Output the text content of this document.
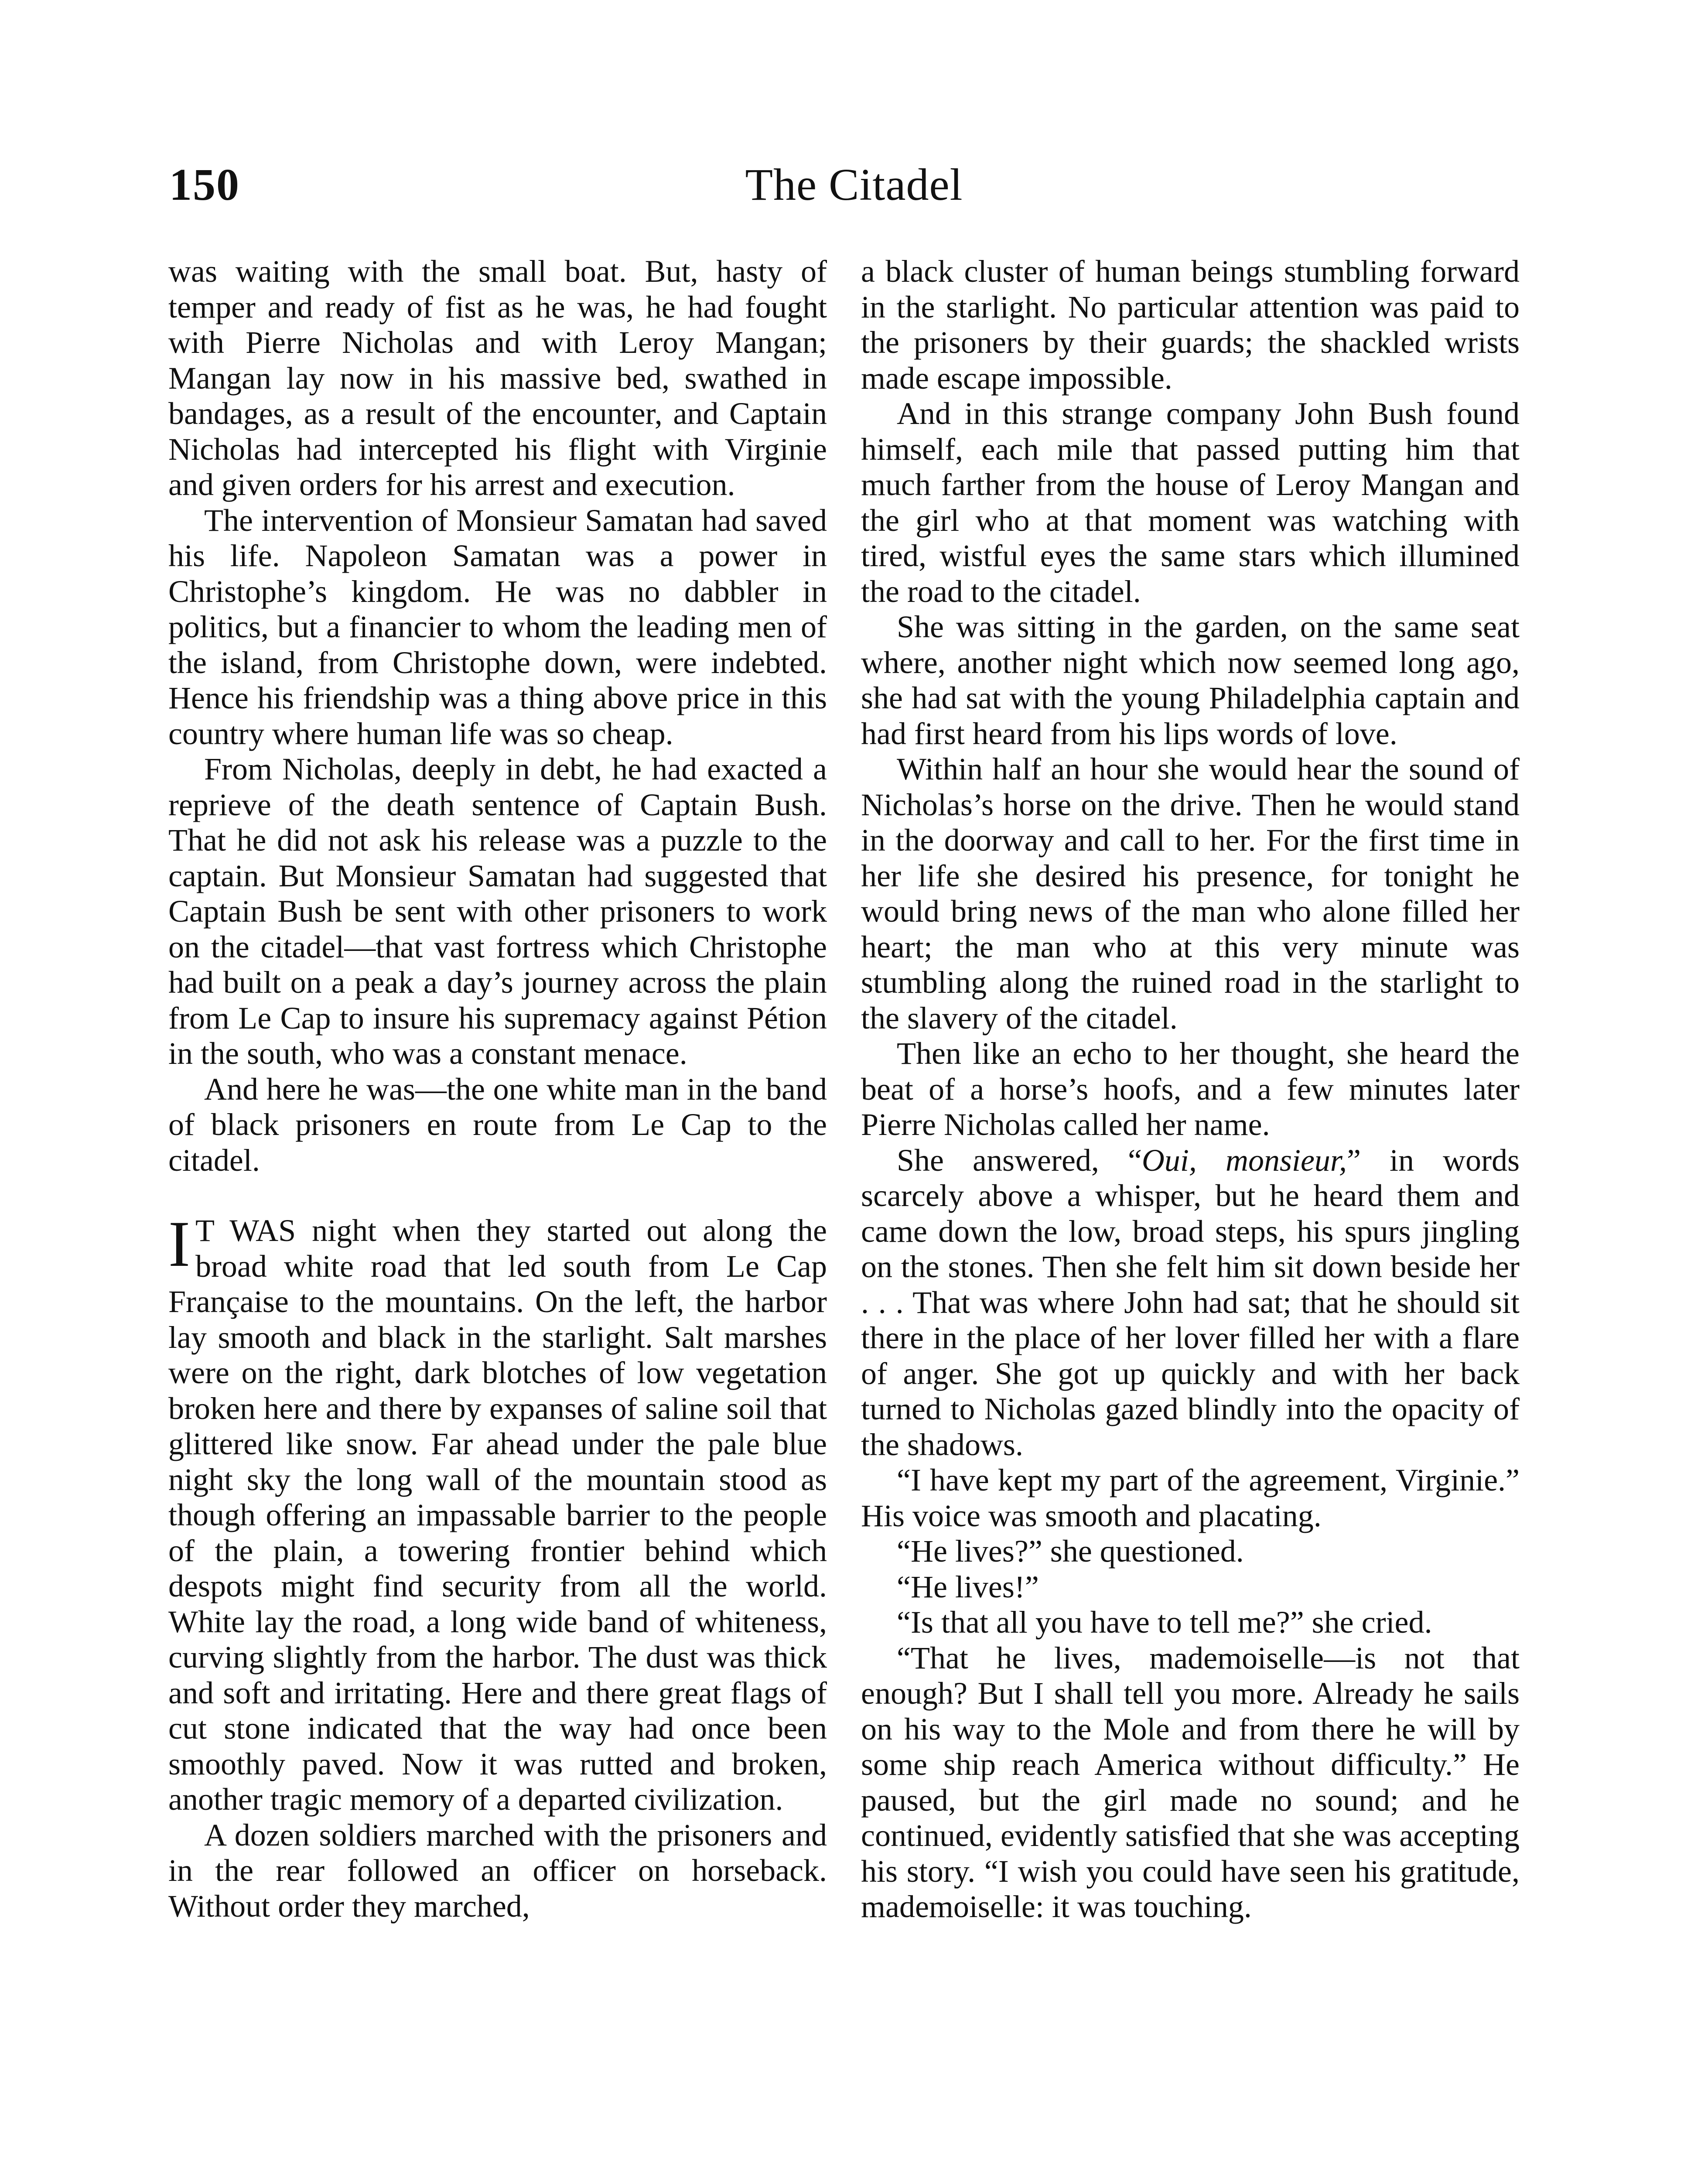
150	The Citadel

was waiting with the small boat. But, hasty of temper and ready of fist as he was, he had fought with Pierre Nicholas and with Leroy Mangan; Mangan lay now in his massive bed, swathed in bandages, as a result of the encounter, and Captain Nicholas had intercepted his flight with Virginie and given orders for his arrest and execution.

The intervention of Monsieur Samatan had saved his life. Napoleon Samatan was a power in Christophe’s kingdom. He was no dabbler in politics, but a financier to whom the leading men of the island, from Christophe down, were indebted. Hence his friendship was a thing above price in this country where human life was so cheap.

From Nicholas, deeply in debt, he had exacted a reprieve of the death sentence of Captain Bush. That he did not ask his release was a puzzle to the captain. But Monsieur Samatan had suggested that Captain Bush be sent with other prisoners to work on the citadel—that vast fortress which Christophe had built on a peak a day’s journey across the plain from Le Cap to insure his supremacy against Pétion in the south, who was a constant menace.

And here he was—the one white man in the band of black prisoners en route from Le Cap to the citadel.

I T WAS night when they started out along the broad white road that led south from Le Cap Française to the mountains. On the left, the harbor lay smooth and black in the starlight. Salt marshes were on the right, dark blotches of low vegetation broken here and there by expanses of saline soil that glittered like snow. Far ahead under the pale blue night sky the long wall of the mountain stood as though offering an impassable barrier to the people of the plain, a towering frontier behind which despots might find security from all the world. White lay the road, a long wide band of whiteness, curving slightly from the harbor. The dust was thick and soft and irritating. Here and there great flags of cut stone indicated that the way had once been smoothly paved. Now it was rutted and broken, another tragic memory of a departed civilization.

A dozen soldiers marched with the prisoners and in the rear followed an officer on horseback. Without order they marched,

a black cluster of human beings stumbling forward in the starlight. No particular attention was paid to the prisoners by their guards; the shackled wrists made escape impossible.

And in this strange company John Bush found himself, each mile that passed putting him that much farther from the house of Leroy Mangan and the girl who at that moment was watching with tired, wistful eyes the same stars which illumined the road to the citadel.

She was sitting in the garden, on the same seat where, another night which now seemed long ago, she had sat with the young Philadelphia captain and had first heard from his lips words of love.

Within half an hour she would hear the sound of Nicholas’s horse on the drive. Then he would stand in the doorway and call to her. For the first time in her life she desired his presence, for tonight he would bring news of the man who alone filled her heart; the man who at this very minute was stumbling along the ruined road in the starlight to the slavery of the citadel.

Then like an echo to her thought, she heard the beat of a horse’s hoofs, and a few minutes later Pierre Nicholas called her name.

She answered, “Oui, monsieur,” in words scarcely above a whisper, but he heard them and came down the low, broad steps, his spurs jingling on the stones. Then she felt him sit down beside her . . . That was where John had sat; that he should sit there in the place of her lover filled her with a flare of anger. She got up quickly and with her back turned to Nicholas gazed blindly into the opacity of the shadows.

“I have kept my part of the agreement, Virginie.” His voice was smooth and placating.

“He lives?” she questioned.

“He lives!”

“Is that all you have to tell me?” she cried.

“That he lives, mademoiselle—is not that enough? But I shall tell you more. Already he sails on his way to the Mole and from there he will by some ship reach America without difficulty.” He paused, but the girl made no sound; and he continued, evidently satisfied that she was accepting his story. “I wish you could have seen his gratitude, mademoiselle: it was touching.
